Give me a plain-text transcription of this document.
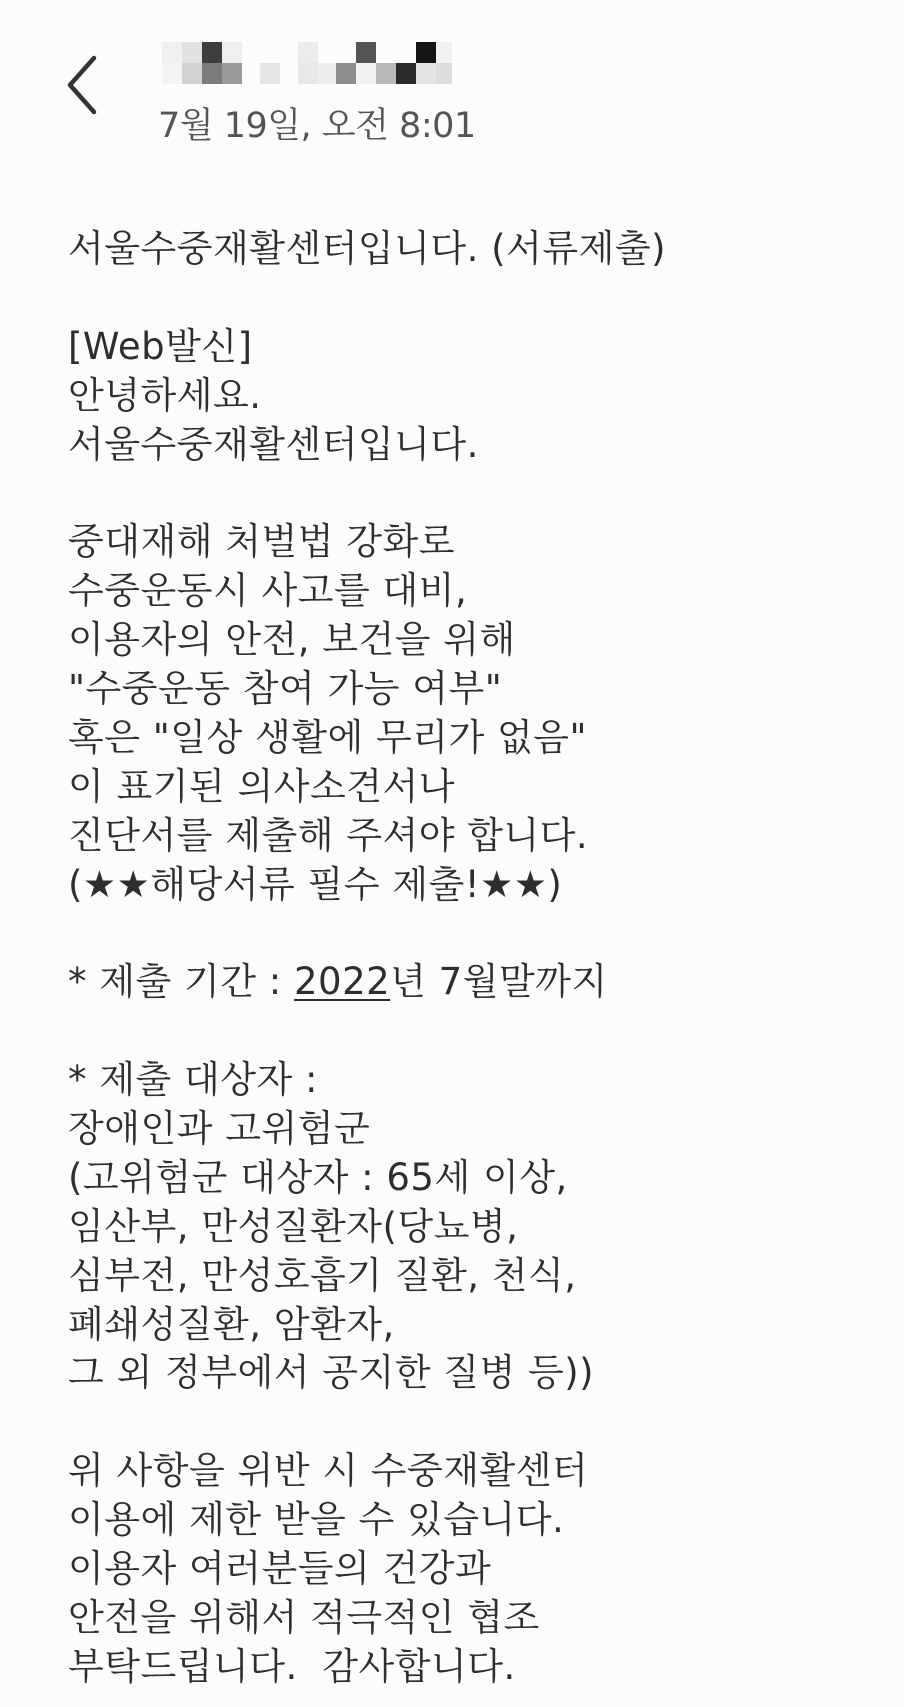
7월 19일, 오전 8:01
서울수중재활센터입니다. (서류제출)
[Web발신]
안녕하세요.
서울수중재활센터입니다.
중대재해 처벌법 강화로
수중운동시 사고를 대비,
이용자의 안전, 보건을 위해
"수중운동 참여 가능 여부"
혹은 "일상 생활에 무리가 없음"
이 표기된 의사소견서나
진단서를 제출해 주셔야 합니다.
(★★해당서류 필수 제출!★★)
* 제출 기간 : 2022년 7월말까지
* 제출 대상자 :
장애인과 고위험군
(고위험군 대상자 : 65세 이상,
임산부, 만성질환자(당뇨병,
심부전, 만성호흡기 질환, 천식,
폐쇄성질환, 암환자,
그 외 정부에서 공지한 질병 등))
위 사항을 위반 시 수중재활센터
이용에 제한 받을 수 있습니다.
이용자 여러분들의 건강과
안전을 위해서 적극적인 협조
부탁드립니다.  감사합니다.
